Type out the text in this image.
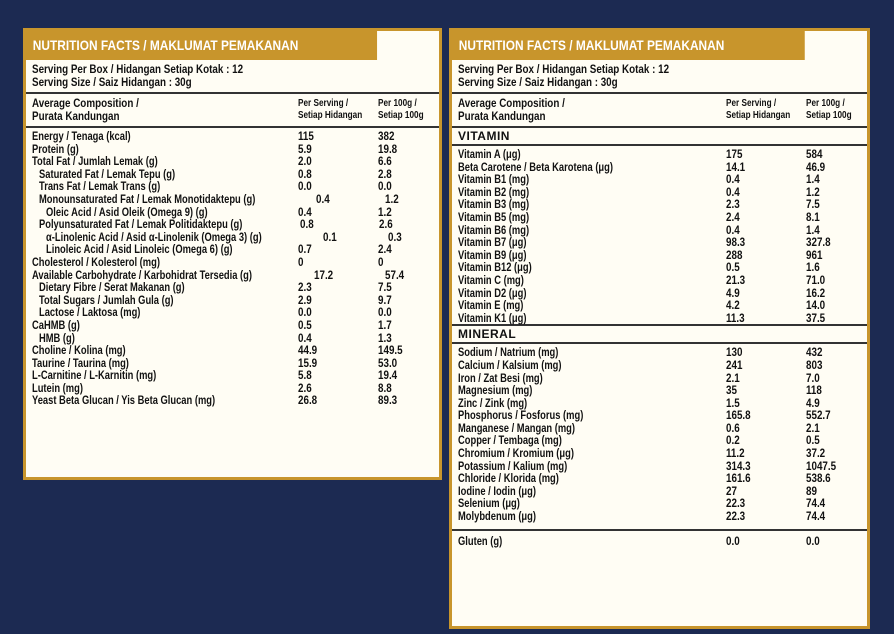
NUTRITION FACTS / MAKLUMAT PEMAKANAN
Serving Per Box / Hidangan Setiap Kotak : 12
Serving Size / Saiz Hidangan : 30g
Average Composition /
Purata Kandungan
Per Serving /
Setiap Hidangan
Per 100g /
Setiap 100g
Energy / Tenaga (kcal)	115	382
Protein (g)	5.9	19.8
Total Fat / Jumlah Lemak (g)	2.0	6.6
Saturated Fat / Lemak Tepu (g)	0.8	2.8
Trans Fat / Lemak Trans (g)	0.0	0.0
Monounsaturated Fat / Lemak Monotidaktepu (g)	0.4	1.2
Oleic Acid / Asid Oleik (Omega 9) (g)	0.4	1.2
Polyunsaturated Fat / Lemak Politidaktepu (g)	0.8	2.6
α-Linolenic Acid / Asid α-Linolenik (Omega 3) (g)	0.1	0.3
Linoleic Acid / Asid Linoleic (Omega 6) (g)	0.7	2.4
Cholesterol / Kolesterol (mg)	0	0
Available Carbohydrate / Karbohidrat Tersedia (g)	17.2	57.4
Dietary Fibre / Serat Makanan (g)	2.3	7.5
Total Sugars / Jumlah Gula (g)	2.9	9.7
Lactose / Laktosa (mg)	0.0	0.0
CaHMB (g)	0.5	1.7
HMB (g)	0.4	1.3
Choline / Kolina (mg)	44.9	149.5
Taurine / Taurina (mg)	15.9	53.0
L-Carnitine / L-Karnitin (mg)	5.8	19.4
Lutein (mg)	2.6	8.8
Yeast Beta Glucan / Yis Beta Glucan (mg)	26.8	89.3
NUTRITION FACTS / MAKLUMAT PEMAKANAN
Serving Per Box / Hidangan Setiap Kotak : 12
Serving Size / Saiz Hidangan : 30g
Average Composition /
Purata Kandungan
Per Serving /
Setiap Hidangan
Per 100g /
Setiap 100g
VITAMIN
Vitamin A (μg)	175	584
Beta Carotene / Beta Karotena (μg)	14.1	46.9
Vitamin B1 (mg)	0.4	1.4
Vitamin B2 (mg)	0.4	1.2
Vitamin B3 (mg)	2.3	7.5
Vitamin B5 (mg)	2.4	8.1
Vitamin B6 (mg)	0.4	1.4
Vitamin B7 (μg)	98.3	327.8
Vitamin B9 (μg)	288	961
Vitamin B12 (μg)	0.5	1.6
Vitamin C (mg)	21.3	71.0
Vitamin D2 (μg)	4.9	16.2
Vitamin E (mg)	4.2	14.0
Vitamin K1 (μg)	11.3	37.5
MINERAL
Sodium / Natrium (mg)	130	432
Calcium / Kalsium (mg)	241	803
Iron / Zat Besi (mg)	2.1	7.0
Magnesium (mg)	35	118
Zinc / Zink (mg)	1.5	4.9
Phosphorus / Fosforus (mg)	165.8	552.7
Manganese / Mangan (mg)	0.6	2.1
Copper / Tembaga (mg)	0.2	0.5
Chromium / Kromium (μg)	11.2	37.2
Potassium / Kalium (mg)	314.3	1047.5
Chloride / Klorida (mg)	161.6	538.6
Iodine / Iodin (μg)	27	89
Selenium (μg)	22.3	74.4
Molybdenum (μg)	22.3	74.4
Gluten (g)	0.0	0.0
